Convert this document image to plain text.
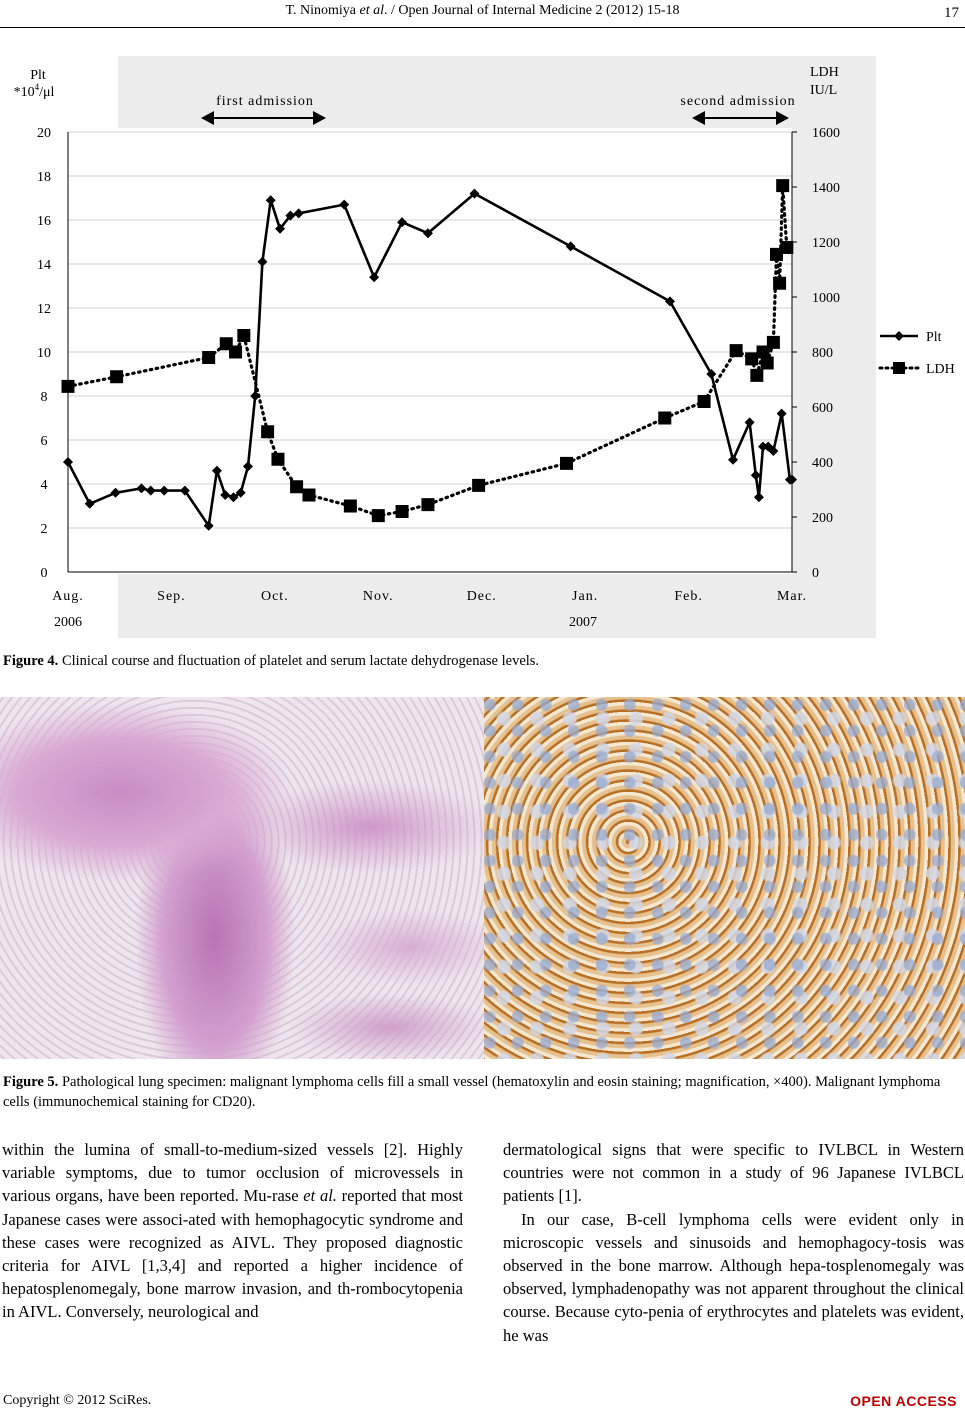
T. Ninomiya et al. / Open Journal of Internal Medicine 2 (2012) 15-18	17
0
2
4
6
8
10
12
14
16
18
20
0
200
400
600
800
1000
1200
1400
1600
Aug.	Sep.	Oct.	Nov.	Dec.	Jan.	Feb.	Mar.
Plt
$*10^4/\mu l$
LDH
IU/L
first admission	second admission
Plt
LDH
2006	2007
Figure 4. Clinical course and fluctuation of platelet and serum lactate dehydrogenase levels.
Figure 5. Pathological lung specimen: malignant lymphoma cells fill a small vessel (hematoxylin and eosin staining; magnification, ×400). Malignant lymphoma cells (immunochemical staining for CD20).

within the lumina of small-to-medium-sized vessels [2]. Highly variable symptoms, due to tumor occlusion of microvessels in various organs, have been reported. Mu-rase et al. reported that most Japanese cases were associ-ated with hemophagocytic syndrome and these cases were recognized as AIVL. They proposed diagnostic criteria for AIVL [1,3,4] and reported a higher incidence of hepatosplenomegaly, bone marrow invasion, and th-rombocytopenia in AIVL. Conversely, neurological and

dermatological signs that were specific to IVLBCL in Western countries were not common in a study of 96 Japanese IVLBCL patients [1].

In our case, B-cell lymphoma cells were evident only in microscopic vessels and sinusoids and hemophagocy-tosis was observed in the bone marrow. Although hepa-tosplenomegaly was observed, lymphadenopathy was not apparent throughout the clinical course. Because cyto-penia of erythrocytes and platelets was evident, he was

Copyright © 2012 SciRes.	OPEN ACCESS
